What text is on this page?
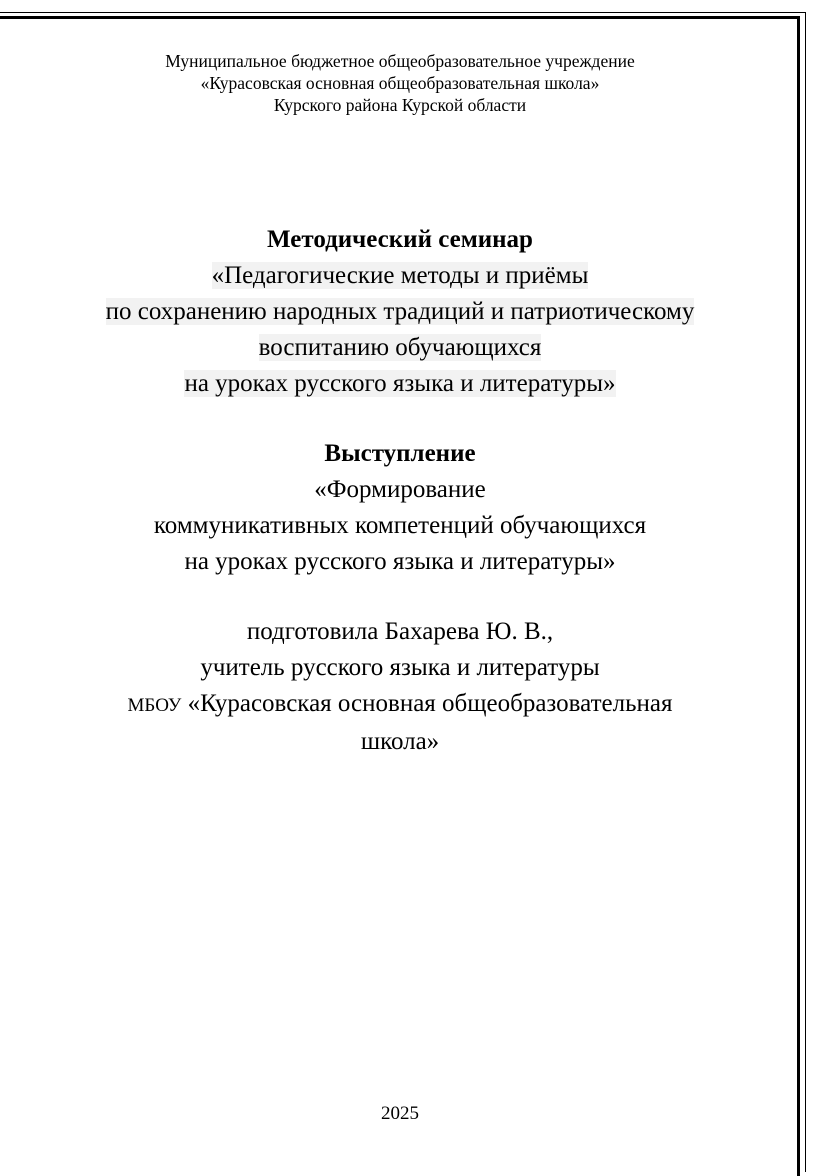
Муниципальное бюджетное общеобразовательное учреждение
«Курасовская основная общеобразовательная школа»
Курского района Курской области
Методический семинар
«Педагогические методы и приёмы
по сохранению народных традиций и патриотическому
воспитанию обучающихся
на уроках русского языка и литературы»
Выступление
«Формирование
коммуникативных компетенций обучающихся
на уроках русского языка и литературы»
подготовила Бахарева Ю. В.,
учитель русского языка и литературы
МБОУ «Курасовская основная общеобразовательная
школа»
2025
